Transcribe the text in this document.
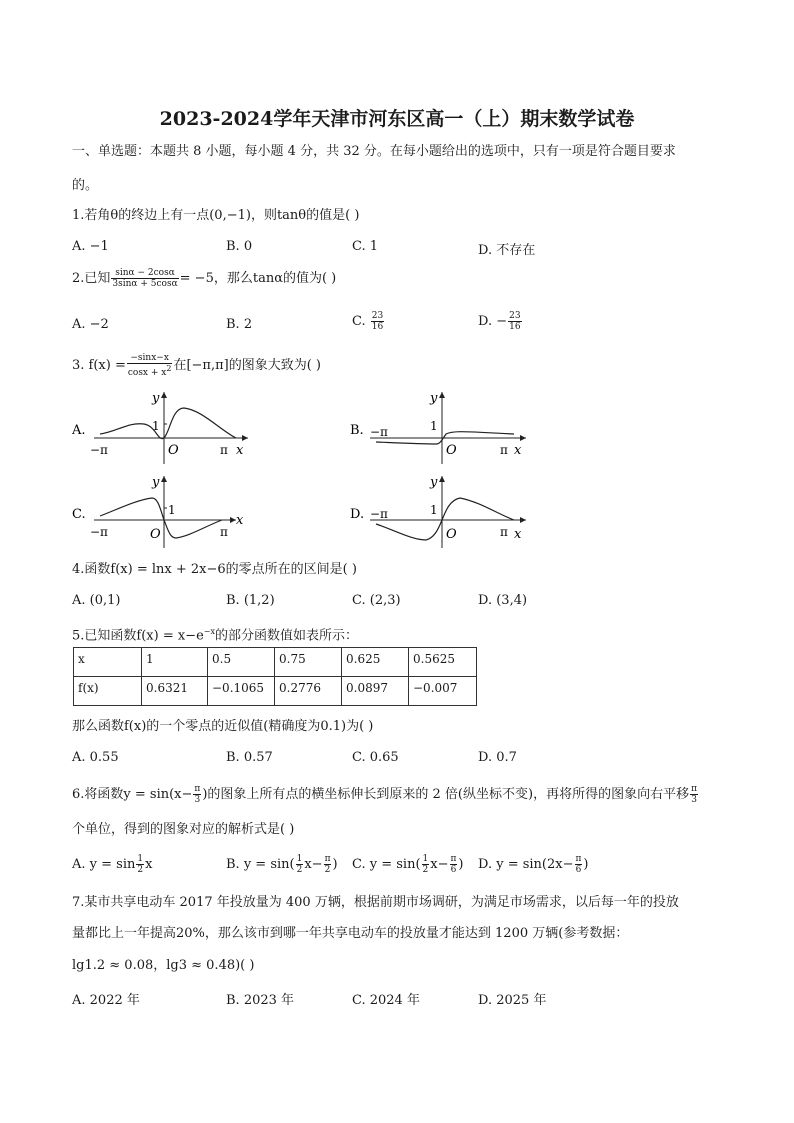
2023-2024学年天津市河东区高一（上）期末数学试卷
一、单选题：本题共 8 小题，每小题 4 分，共 32 分。在每小题给出的选项中，只有一项是符合题目要求
的。
1.若角θ的终边上有一点(0,−1)，则tanθ的值是( )
A. −1	B. 0	C. 1	D. 不存在
2.已知 $\frac{\sin\alpha - 2\cos\alpha}{3\sin\alpha + 5\cos\alpha} = -5$，那么tanα的值为( )
A. −2	B. 2	C. $\frac{23}{16}$	D. − $\frac{23}{16}$
3. $f(x) = \frac{-\sin x-x}{\cos x + x^2}$ 在[−π,π]的图象大致为( )
A.
y
1
O	π
−π	x
B.
y
1
O	π
−π
x
C.
y
1
O	π
−π
x	D.
y
1
O	π
−π
x
4.函数f(x) = lnx + 2x−6的零点所在的区间是( )
A. (0,1)	B. (1,2)	C. (2,3)	D. (3,4)
5.已知函数$f(x) = x-e^{-x}$的部分函数值如表所示：
x	1	0.5	0.75	0.625	0.5625
f(x)	0.6321	−0.1065	0.2776	0.0897	−0.007
那么函数f(x)的一个零点的近似值(精确度为0.1)为( )
A. 0.55	B. 0.57	C. 0.65	D. 0.7
6.将函数$y = \sin(x- \frac{\pi}{3}$ )的图象上所有点的横坐标伸长到原来的 2 倍(纵坐标不变)，再将所得的图象向右平移 $\frac{\pi}{3}$
个单位，得到的图象对应的解析式是( )
A. $y = \sin \frac{1}{2}$ x	B. $y = \sin( \frac{1}{2} x- \frac{\pi}{2}$ ) C. $y = \sin( \frac{1}{2} x- \frac{\pi}{6}$ ) D. $y = \sin(2x- \frac{\pi}{6}$ )
7.某市共享电动车 2017 年投放量为 400 万辆，根据前期市场调研，为满足市场需求，以后每一年的投放
量都比上一年提高20%，那么该市到哪一年共享电动车的投放量才能达到 1200 万辆(参考数据：
lg1.2 ≈ 0.08，lg3 ≈ 0.48)( )
A. 2022 年	B. 2023 年	C. 2024 年	D. 2025 年
